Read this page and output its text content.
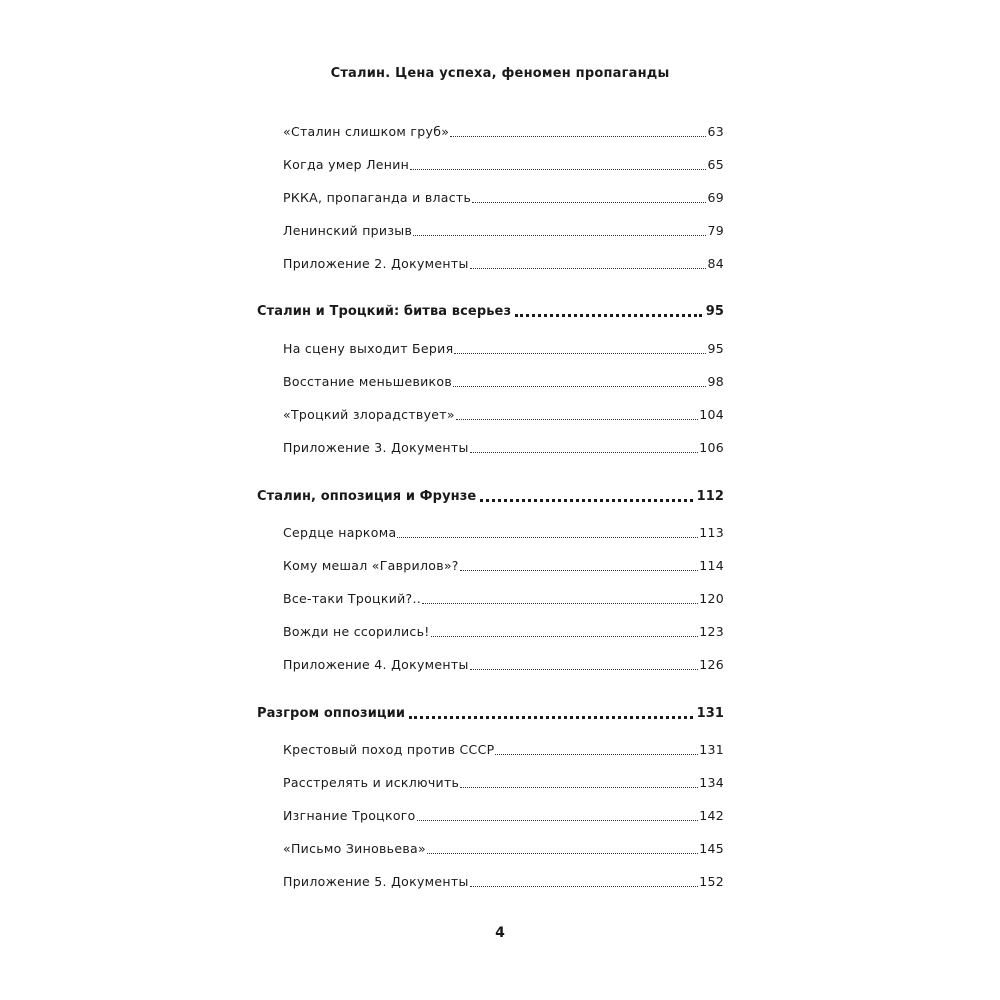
Сталин. Цена успеха, феномен пропаганды
«Сталин слишком груб»	63
Когда умер Ленин	65
РККА, пропаганда и власть	69
Ленинский призыв	79
Приложение 2. Документы	84
Сталин и Троцкий: битва всерьез	95
На сцену выходит Берия	95
Восстание меньшевиков	98
«Троцкий злорадствует»	104
Приложение 3. Документы	106
Сталин, оппозиция и Фрунзе	112
Сердце наркома	113
Кому мешал «Гаврилов»?	114
Все-таки Троцкий?..	120
Вожди не ссорились!	123
Приложение 4. Документы	126
Разгром оппозиции	131
Крестовый поход против СССР	131
Расстрелять и исключить	134
Изгнание Троцкого	142
«Письмо Зиновьева»	145
Приложение 5. Документы	152
4
